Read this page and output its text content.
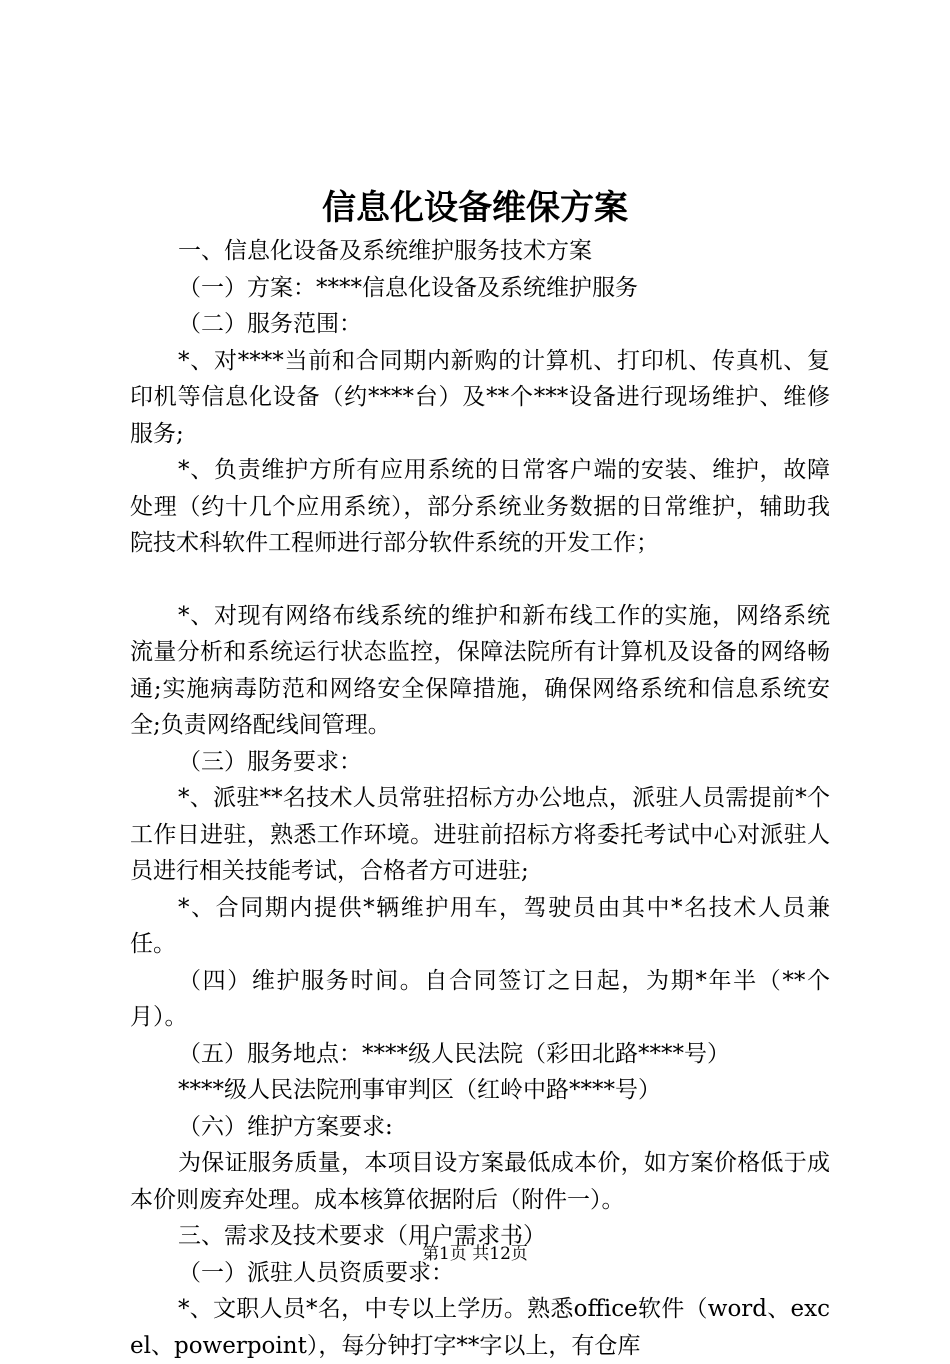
信息化设备维保方案

一、信息化设备及系统维护服务技术方案

（一）方案：****信息化设备及系统维护服务

（二）服务范围：

*、对****当前和合同期内新购的计算机、打印机、传真机、复印机等信息化设备（约****台）及**个***设备进行现场维护、维修服务;

*、负责维护方所有应用系统的日常客户端的安装、维护，故障处理（约十几个应用系统），部分系统业务数据的日常维护，辅助我院技术科软件工程师进行部分软件系统的开发工作；

*、对现有网络布线系统的维护和新布线工作的实施，网络系统流量分析和系统运行状态监控，保障法院所有计算机及设备的网络畅通;实施病毒防范和网络安全保障措施，确保网络系统和信息系统安全;负责网络配线间管理。

（三）服务要求：

*、派驻**名技术人员常驻招标方办公地点，派驻人员需提前*个工作日进驻，熟悉工作环境。进驻前招标方将委托考试中心对派驻人员进行相关技能考试，合格者方可进驻;

*、合同期内提供*辆维护用车，驾驶员由其中*名技术人员兼任。

（四）维护服务时间。自合同签订之日起，为期*年半（**个月）。

（五）服务地点：****级人民法院（彩田北路****号）

****级人民法院刑事审判区（红岭中路****号）

（六）维护方案要求:

为保证服务质量，本项目设方案最低成本价，如方案价格低于成本价则废弃处理。成本核算依据附后（附件一）。

三、需求及技术要求（用户需求书）

（一）派驻人员资质要求：

*、文职人员*名，中专以上学历。熟悉office软件（word、excel、powerpoint），每分钟打字**字以上，有仓库

第1页 共12页
